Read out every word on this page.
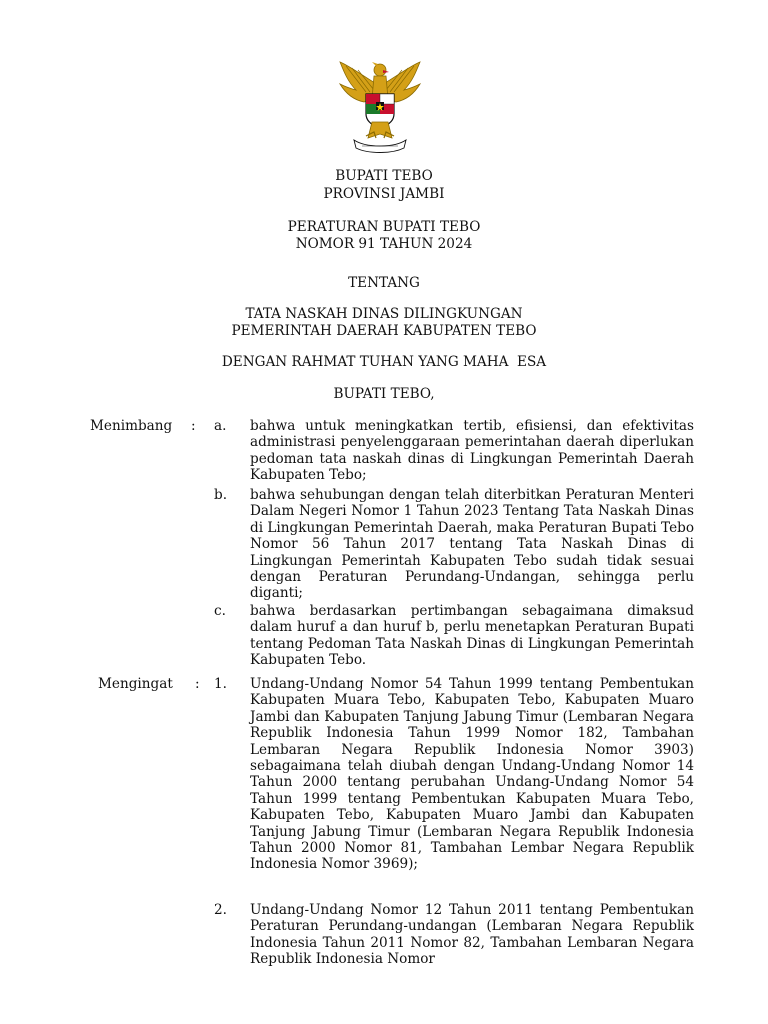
BUPATI TEBO
PROVINSI JAMBI
PERATURAN BUPATI TEBO
NOMOR 91 TAHUN 2024
TENTANG
TATA NASKAH DINAS DILINGKUNGAN
PEMERINTAH DAERAH KABUPATEN TEBO
DENGAN RAHMAT TUHAN YANG MAHA  ESA
BUPATI TEBO,
Menimbang : a. bahwa untuk meningkatkan tertib, efisiensi, dan efektivitas administrasi penyelenggaraan pemerintahan daerah diperlukan pedoman tata naskah dinas di Lingkungan Pemerintah Daerah Kabupaten Tebo;
b. bahwa sehubungan dengan telah diterbitkan Peraturan Menteri Dalam Negeri Nomor 1 Tahun 2023 Tentang Tata Naskah Dinas di Lingkungan Pemerintah Daerah, maka Peraturan Bupati Tebo Nomor 56 Tahun 2017 tentang Tata Naskah Dinas di Lingkungan Pemerintah Kabupaten Tebo sudah tidak sesuai dengan Peraturan Perundang-Undangan, sehingga perlu diganti;
c. bahwa berdasarkan pertimbangan sebagaimana dimaksud dalam huruf a dan huruf b, perlu menetapkan Peraturan Bupati tentang Pedoman Tata Naskah Dinas di Lingkungan Pemerintah Kabupaten Tebo.
Mengingat : 1. Undang-Undang Nomor 54 Tahun 1999 tentang Pembentukan Kabupaten Muara Tebo, Kabupaten Tebo, Kabupaten Muaro Jambi dan Kabupaten Tanjung Jabung Timur (Lembaran Negara Republik Indonesia Tahun 1999 Nomor 182, Tambahan Lembaran Negara Republik Indonesia Nomor 3903) sebagaimana telah diubah dengan Undang-Undang Nomor 14 Tahun 2000 tentang perubahan Undang-Undang Nomor 54 Tahun 1999 tentang Pembentukan Kabupaten Muara Tebo, Kabupaten Tebo, Kabupaten Muaro Jambi dan Kabupaten Tanjung Jabung Timur (Lembaran Negara Republik Indonesia Tahun 2000 Nomor 81, Tambahan Lembar Negara Republik Indonesia Nomor 3969);
2. Undang-Undang Nomor 12 Tahun 2011 tentang Pembentukan Peraturan Perundang-undangan (Lembaran Negara Republik Indonesia Tahun 2011 Nomor 82, Tambahan Lembaran Negara Republik Indonesia Nomor
